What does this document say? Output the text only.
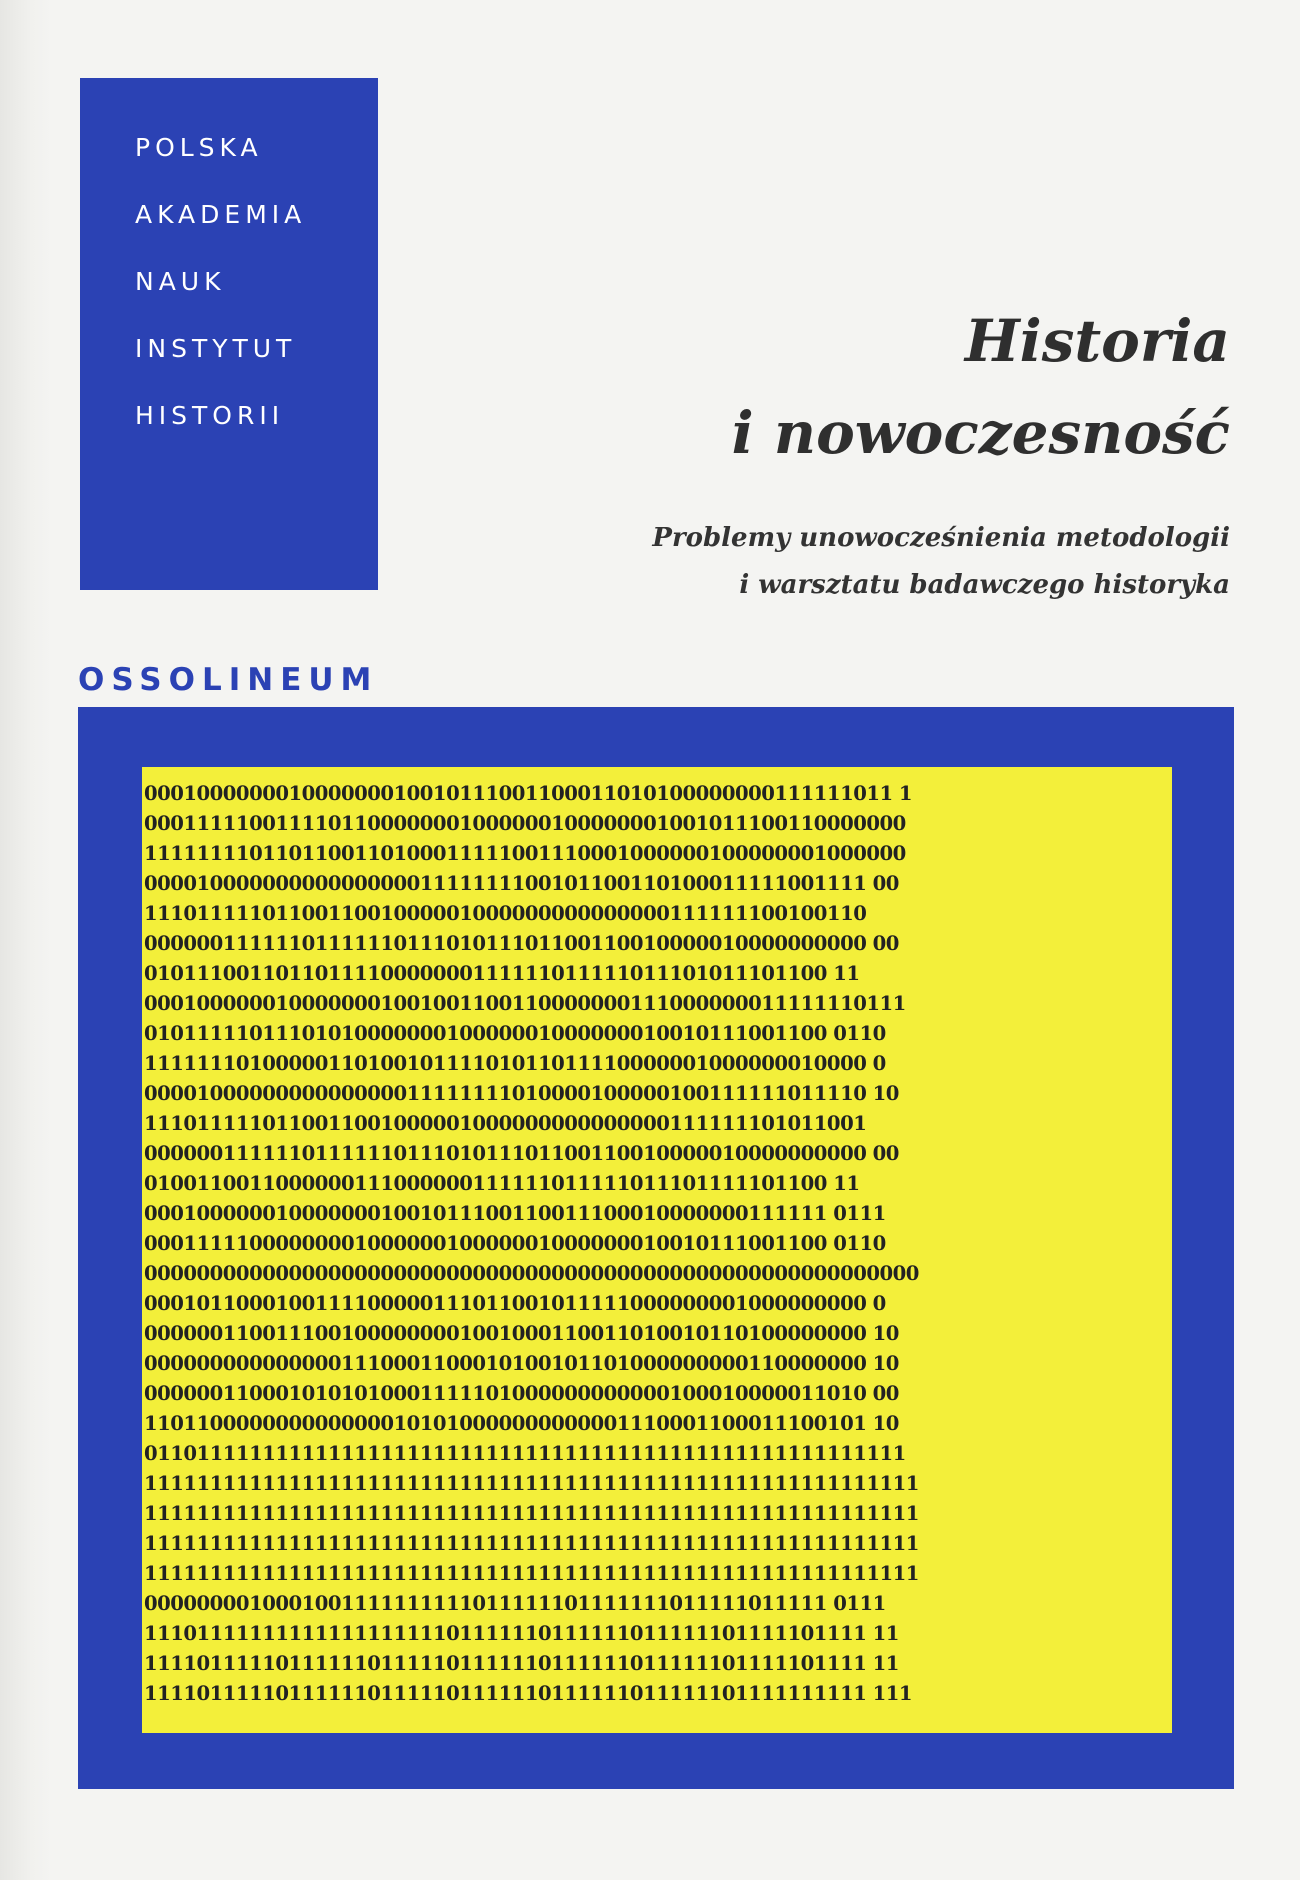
POLSKA
AKADEMIA
NAUK
INSTYTUT
HISTORII
Historia
i nowoczesność
Problemy unowocześnienia metodologii
i warsztatu badawczego historyka
OSSOLINEUM
000100000001000000010010111001100011010100000000111111011 1
0001111100111101100000001000000100000001001011100110000000
1111111101101100110100011111001110001000000100000001000000
0000100000000000000001111111100101100110100011111001111 00
1110111110110011001000001000000000000000111111100100110
0000001111110111111011101011101100110010000010000000000 00
0101110011011011110000000111111011111011101011101100 11
0001000000100000001001001100110000000111000000011111110111
0101111101110101000000010000001000000010010111001100 0110
1111111010000011010010111101011011110000001000000010000 0
0000100000000000000011111111010000100000100111111011110 10
1110111110110011001000001000000000000000111111101011001
0000001111110111111011101011101100110010000010000000000 00
0100110011000000111000000111111011111011101111101100 11
0001000000100000001001011100110011100010000000111111 0111
0001111100000000100000010000001000000010010111001100 0110
00000000000000000000000000000000000000000000000000000000000
0001011000100111100000111011001011111000000001000000000 0
0000001100111001000000001001000110011010010110100000000 10
0000000000000001110001100010100101101000000000110000000 10
0000001100010101010001111101000000000000100010000011010 00
1101100000000000000101010000000000001110001100011100101 10
0110111111111111111111111111111111111111111111111111111111
11111111111111111111111111111111111111111111111111111111111
11111111111111111111111111111111111111111111111111111111111
11111111111111111111111111111111111111111111111111111111111
11111111111111111111111111111111111111111111111111111111111
0000000010001001111111111011111101111111011111011111 0111
1110111111111111111111101111110111111011111101111101111 11
1111011111011111101111101111110111111011111101111101111 11
1111011111011111101111101111110111111011111101111111111 111
